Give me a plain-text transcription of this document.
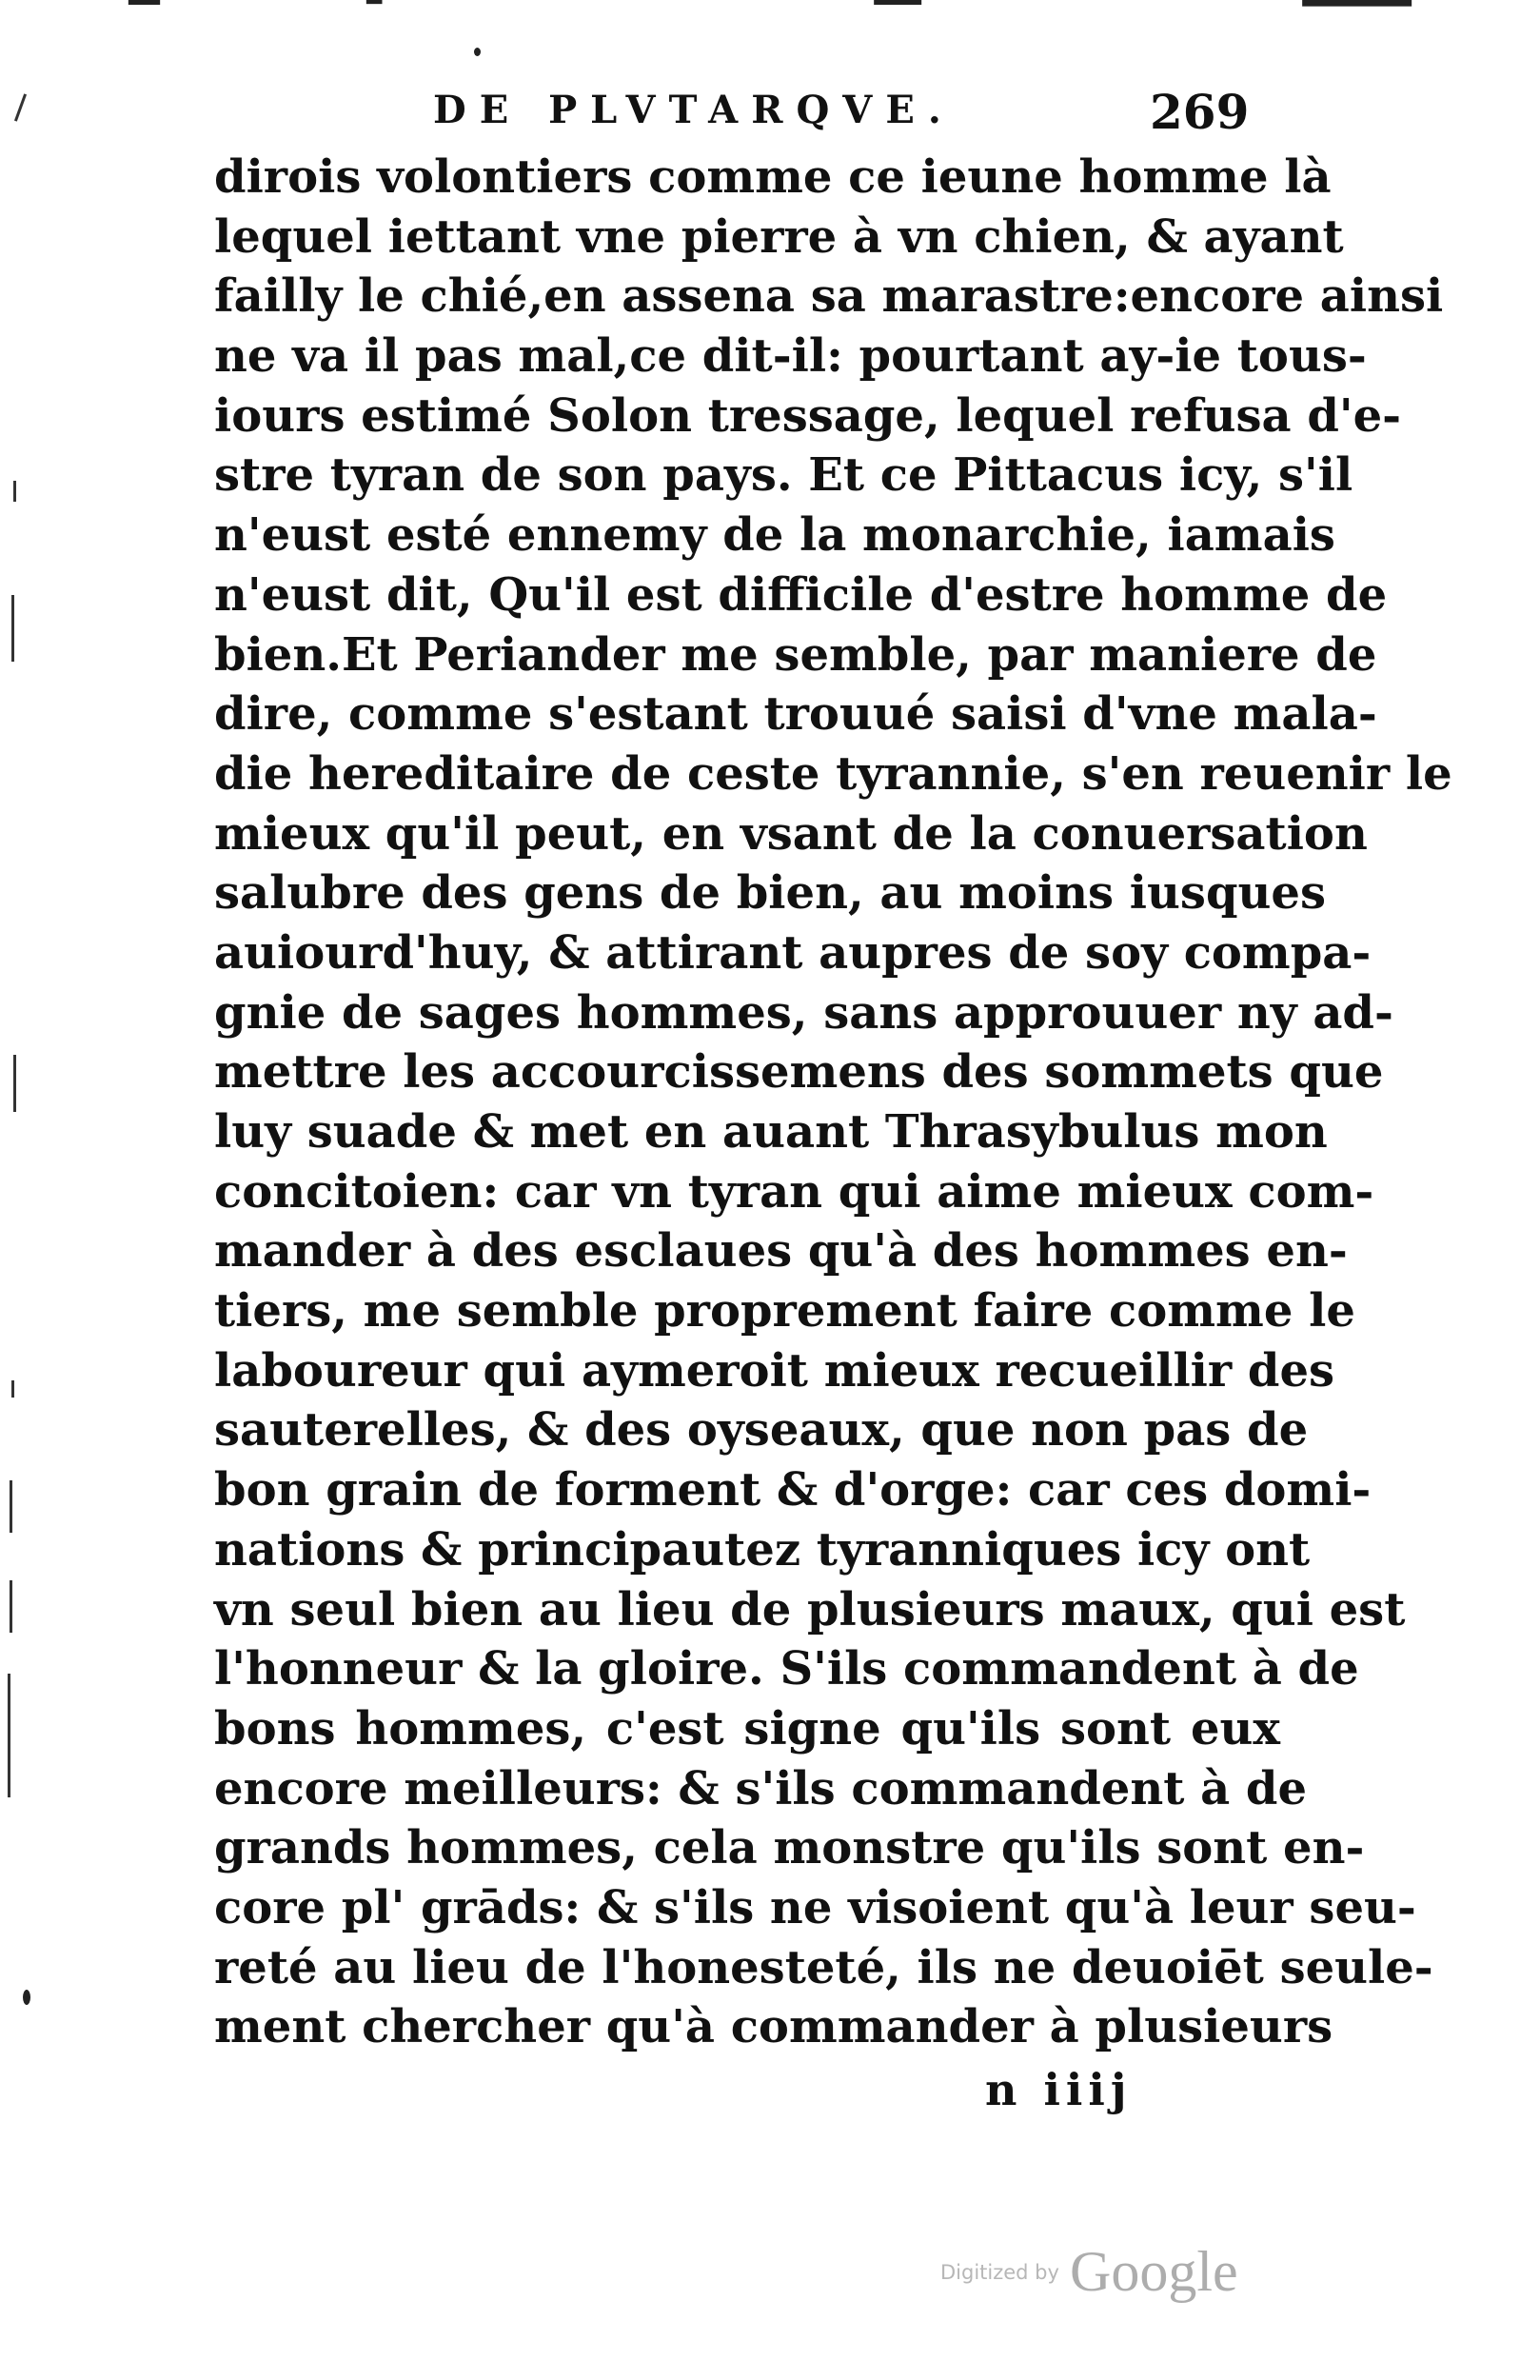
DE PLVTARQVE.	269
dirois volontiers comme ce ieune homme là
lequel iettant vne pierre à vn chien, & ayant
failly le chié,en assena sa marastre:encore ainsi
ne va il pas mal,ce dit-il: pourtant ay-ie tous-
iours estimé Solon tressage, lequel refusa d'e-
stre tyran de son pays. Et ce Pittacus icy, s'il
n'eust esté ennemy de la monarchie, iamais
n'eust dit, Qu'il est difficile d'estre homme de
bien.Et Periander me semble, par maniere de
dire, comme s'estant trouué saisi d'vne mala-
die hereditaire de ceste tyrannie, s'en reuenir le
mieux qu'il peut, en vsant de la conuersation
salubre des gens de bien, au moins iusques
auiourd'huy, & attirant aupres de soy compa-
gnie de sages hommes, sans approuuer ny ad-
mettre les accourcissemens des sommets que
luy suade & met en auant Thrasybulus mon
concitoien: car vn tyran qui aime mieux com-
mander à des esclaues qu'à des hommes en-
tiers, me semble proprement faire comme le
laboureur qui aymeroit mieux recueillir des
sauterelles, & des oyseaux, que non pas de
bon grain de forment & d'orge: car ces domi-
nations & principautez tyranniques icy ont
vn seul bien au lieu de plusieurs maux, qui est
l'honneur & la gloire. S'ils commandent à de
bons hommes, c'est signe qu'ils sont eux
encore meilleurs: & s'ils commandent à de
grands hommes, cela monstre qu'ils sont en-
core pl' grāds: & s'ils ne visoient qu'à leur seu-
reté au lieu de l'honesteté, ils ne deuoiēt seule-
ment chercher qu'à commander à plusieurs
n iiij
Digitized by Google
